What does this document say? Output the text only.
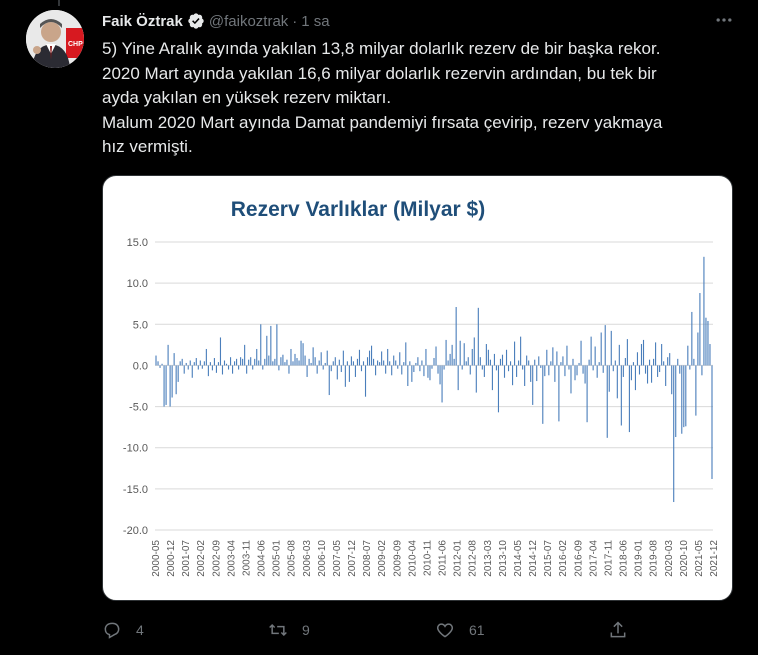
CHP
Faik Öztrak @faikoztrak · 1 sa

5) Yine Aralık ayında yakılan 13,8 milyar dolarlık rezerv de bir başka rekor.

2020 Mart ayında yakılan 16,6 milyar dolarlık rezervin ardından, bu tek bir

ayda yakılan en yüksek rezerv miktarı.

Malum 2020 Mart ayında Damat pandemiyi fırsata çevirip, rezerv yakmaya

hız vermişti.

Rezerv Varlıklar (Milyar $)
15.0
10.0
5.0
0.0
-5.0
-10.0
-15.0
-20.0
2000-05 2000-12 2001-07 2002-02 2002-09 2003-04 2003-11 2004-06 2005-01 2005-08 2006-03 2006-10 2007-05 2007-12 2008-07 2009-02 2009-09 2010-04 2010-11 2011-06 2012-01 2012-08 2013-03 2013-10 2014-05 2014-12 2015-07 2016-02 2016-09 2017-04 2017-11 2018-06 2019-01 2019-08 2020-03 2020-10 2021-05 2021-12
4	9	61
